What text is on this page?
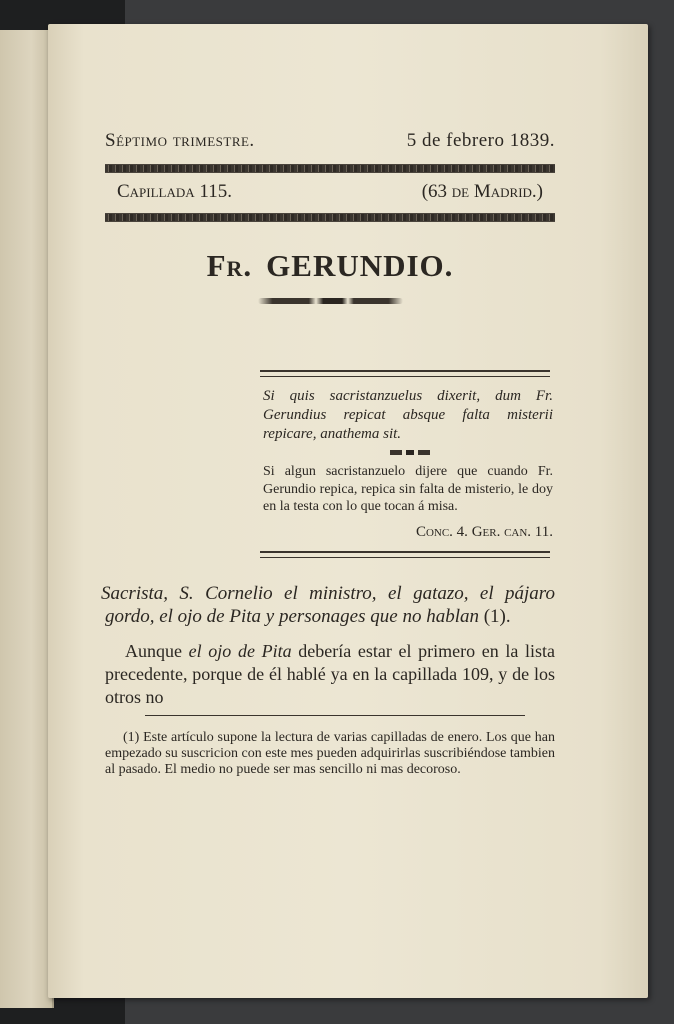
Séptimo trimestre.	5 de febrero 1839.
Capillada 115.	(63 de Madrid.)
Fr. GERUNDIO.
Si quis sacristanzuelus dixerit, dum Fr. Gerundius repicat absque falta misterii repicare, anathema sit.
Si algun sacristanzuelo dijere que cuando Fr. Gerundio repica, repica sin falta de misterio, le doy en la testa con lo que tocan á misa.
Conc. 4. Ger. can. 11.
Sacrista, S. Cornelio el ministro, el gatazo, el pájaro gordo, el ojo de Pita y personages que no hablan (1).
Aunque el ojo de Pita debería estar el primero en la lista precedente, porque de él hablé ya en la capillada 109, y de los otros no
(1) Este artículo supone la lectura de varias capilladas de enero. Los que han empezado su suscricion con este mes pueden adquirirlas suscribiéndose tambien al pasado. El medio no puede ser mas sencillo ni mas decoroso.
